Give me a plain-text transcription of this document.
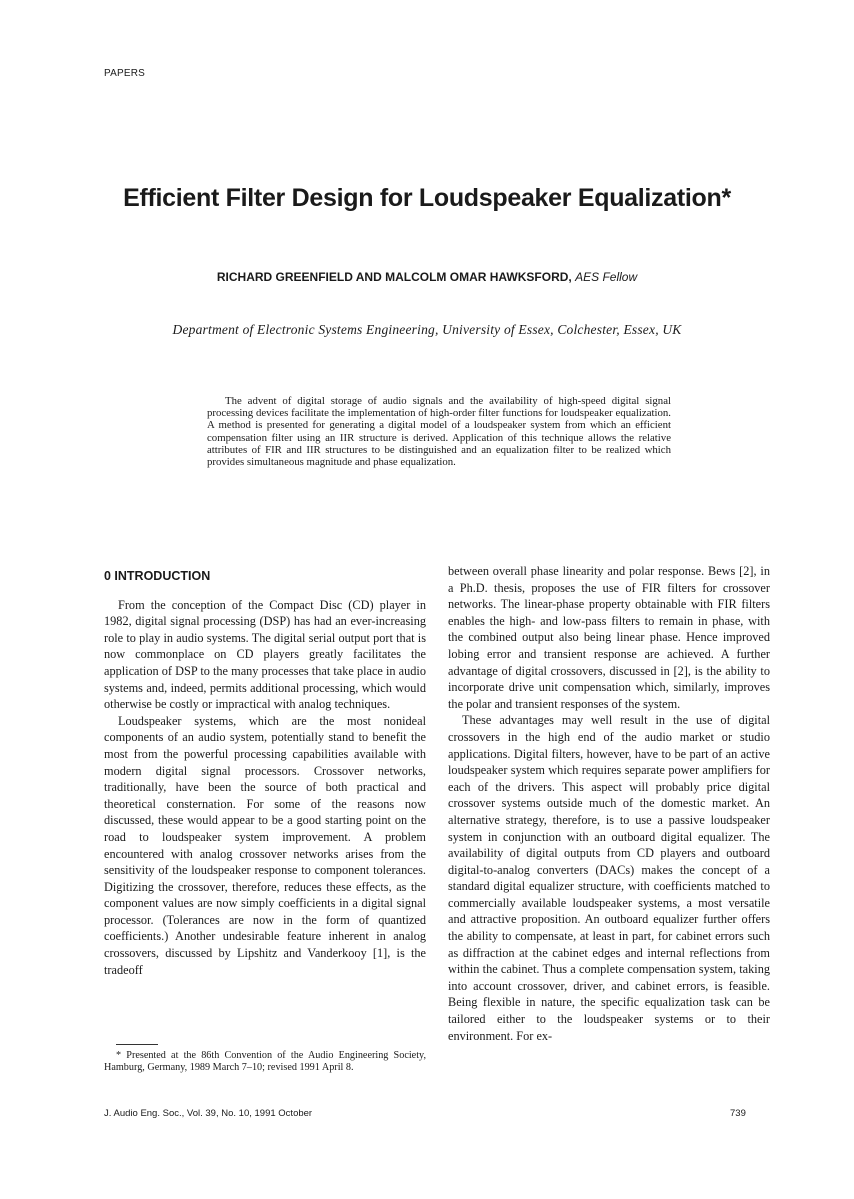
PAPERS
Efficient Filter Design for Loudspeaker Equalization*
RICHARD GREENFIELD AND MALCOLM OMAR HAWKSFORD, AES Fellow
Department of Electronic Systems Engineering, University of Essex, Colchester, Essex, UK

The advent of digital storage of audio signals and the availability of high-speed digital signal processing devices facilitate the implementation of high-order filter functions for loudspeaker equalization. A method is presented for generating a digital model of a loudspeaker system from which an efficient compensation filter using an IIR structure is derived. Application of this technique allows the relative attributes of FIR and IIR structures to be distinguished and an equalization filter to be realized which provides simultaneous magnitude and phase equalization.

0 INTRODUCTION

From the conception of the Compact Disc (CD) player in 1982, digital signal processing (DSP) has had an ever-increasing role to play in audio systems. The digital serial output port that is now commonplace on CD players greatly facilitates the application of DSP to the many processes that take place in audio systems and, indeed, permits additional processing, which would otherwise be costly or impractical with analog techniques.

Loudspeaker systems, which are the most nonideal components of an audio system, potentially stand to benefit the most from the powerful processing capabilities available with modern digital signal processors. Crossover networks, traditionally, have been the source of both practical and theoretical consternation. For some of the reasons now discussed, these would appear to be a good starting point on the road to loudspeaker system improvement. A problem encountered with analog crossover networks arises from the sensitivity of the loudspeaker response to component tolerances. Digitizing the crossover, therefore, reduces these effects, as the component values are now simply coefficients in a digital signal processor. (Tolerances are now in the form of quantized coefficients.) Another undesirable feature inherent in analog crossovers, discussed by Lipshitz and Vanderkooy [1], is the tradeoff

between overall phase linearity and polar response. Bews [2], in a Ph.D. thesis, proposes the use of FIR filters for crossover networks. The linear-phase property obtainable with FIR filters enables the high- and low-pass filters to remain in phase, with the combined output also being linear phase. Hence improved lobing error and transient response are achieved. A further advantage of digital crossovers, discussed in [2], is the ability to incorporate drive unit compensation which, similarly, improves the polar and transient responses of the system.

These advantages may well result in the use of digital crossovers in the high end of the audio market or studio applications. Digital filters, however, have to be part of an active loudspeaker system which requires separate power amplifiers for each of the drivers. This aspect will probably price digital crossover systems outside much of the domestic market. An alternative strategy, therefore, is to use a passive loudspeaker system in conjunction with an outboard digital equalizer. The availability of digital outputs from CD players and outboard digital-to-analog converters (DACs) makes the concept of a standard digital equalizer structure, with coefficients matched to commercially available loudspeaker systems, a most versatile and attractive proposition. An outboard equalizer further offers the ability to compensate, at least in part, for cabinet errors such as diffraction at the cabinet edges and internal reflections from within the cabinet. Thus a complete compensation system, taking into account crossover, driver, and cabinet errors, is feasible. Being flexible in nature, the specific equalization task can be tailored either to the loudspeaker systems or to their environment. For ex-

* Presented at the 86th Convention of the Audio Engineering Society, Hamburg, Germany, 1989 March 7–10; revised 1991 April 8.

J. Audio Eng. Soc., Vol. 39, No. 10, 1991 October	739
